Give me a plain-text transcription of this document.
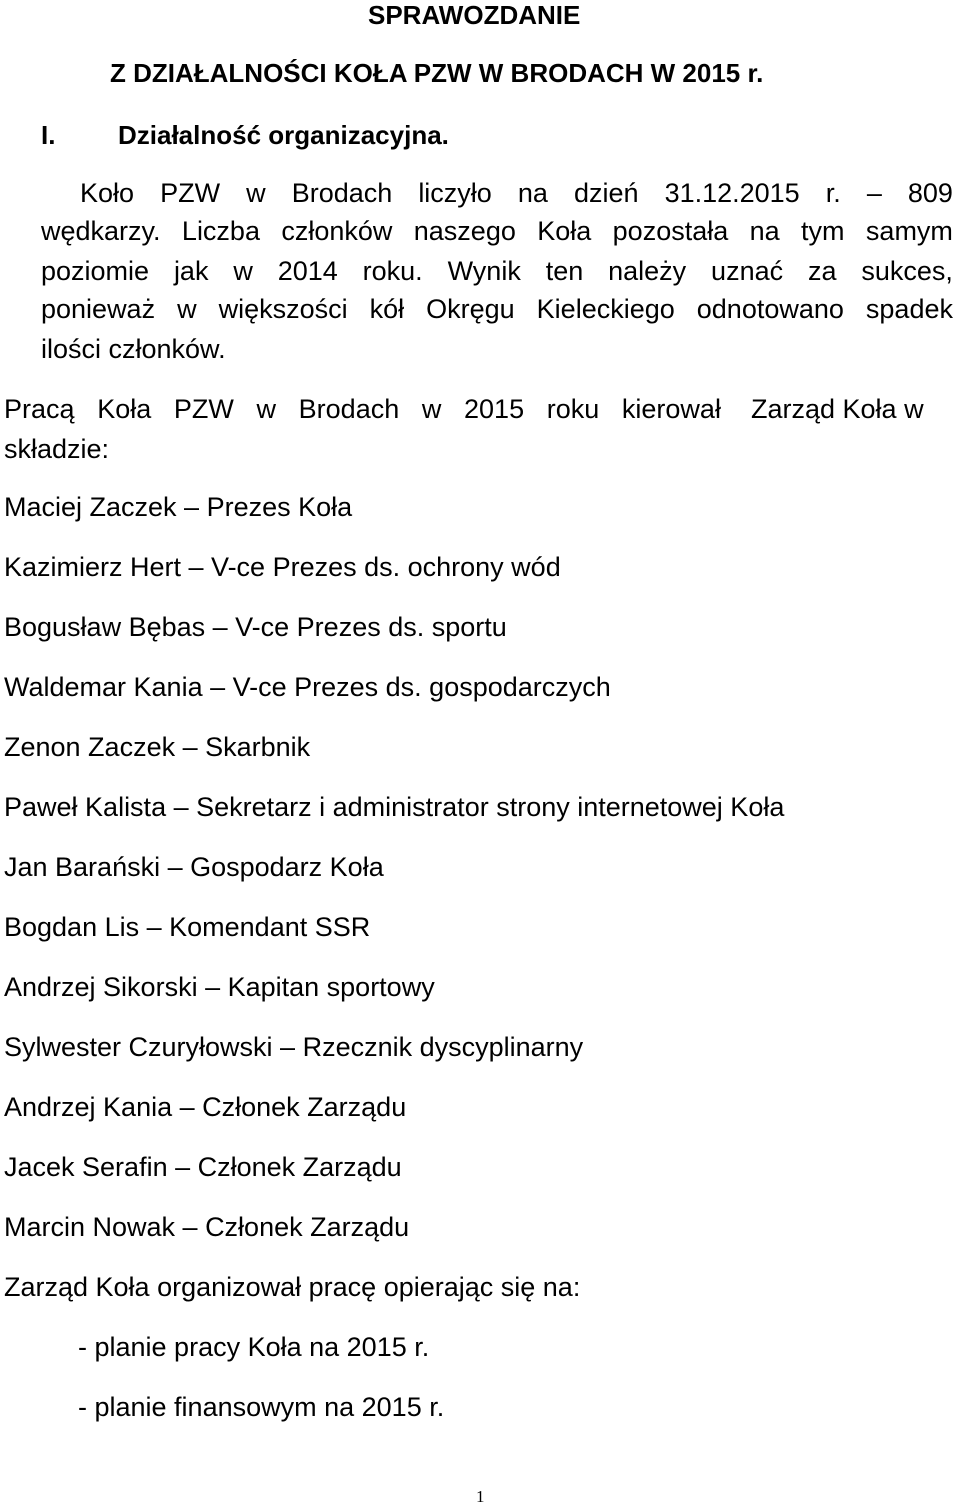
SPRAWOZDANIE
Z DZIAŁALNOŚCI KOŁA PZW W BRODACH W 2015 r.
I. Działalność organizacyjna.
Koło PZW w Brodach liczyło na dzień 31.12.2015 r. – 809
wędkarzy. Liczba członków naszego Koła pozostała na tym samym
poziomie jak w 2014 roku. Wynik ten należy uznać za sukces,
ponieważ w większości kół Okręgu Kieleckiego odnotowano spadek
ilości członków.
Pracą Koła PZW w Brodach w 2015 roku kierował Zarząd Koła w
składzie:
Maciej Zaczek – Prezes Koła
Kazimierz Hert – V-ce Prezes ds. ochrony wód
Bogusław Bębas – V-ce Prezes ds. sportu
Waldemar Kania – V-ce Prezes ds. gospodarczych
Zenon Zaczek – Skarbnik
Paweł Kalista – Sekretarz i administrator strony internetowej Koła
Jan Barański – Gospodarz Koła
Bogdan Lis – Komendant SSR
Andrzej Sikorski – Kapitan sportowy
Sylwester Czuryłowski – Rzecznik dyscyplinarny
Andrzej Kania – Członek Zarządu
Jacek Serafin – Członek Zarządu
Marcin Nowak – Członek Zarządu
Zarząd Koła organizował pracę opierając się na:
- planie pracy Koła na 2015 r.
- planie finansowym na 2015 r.
1
